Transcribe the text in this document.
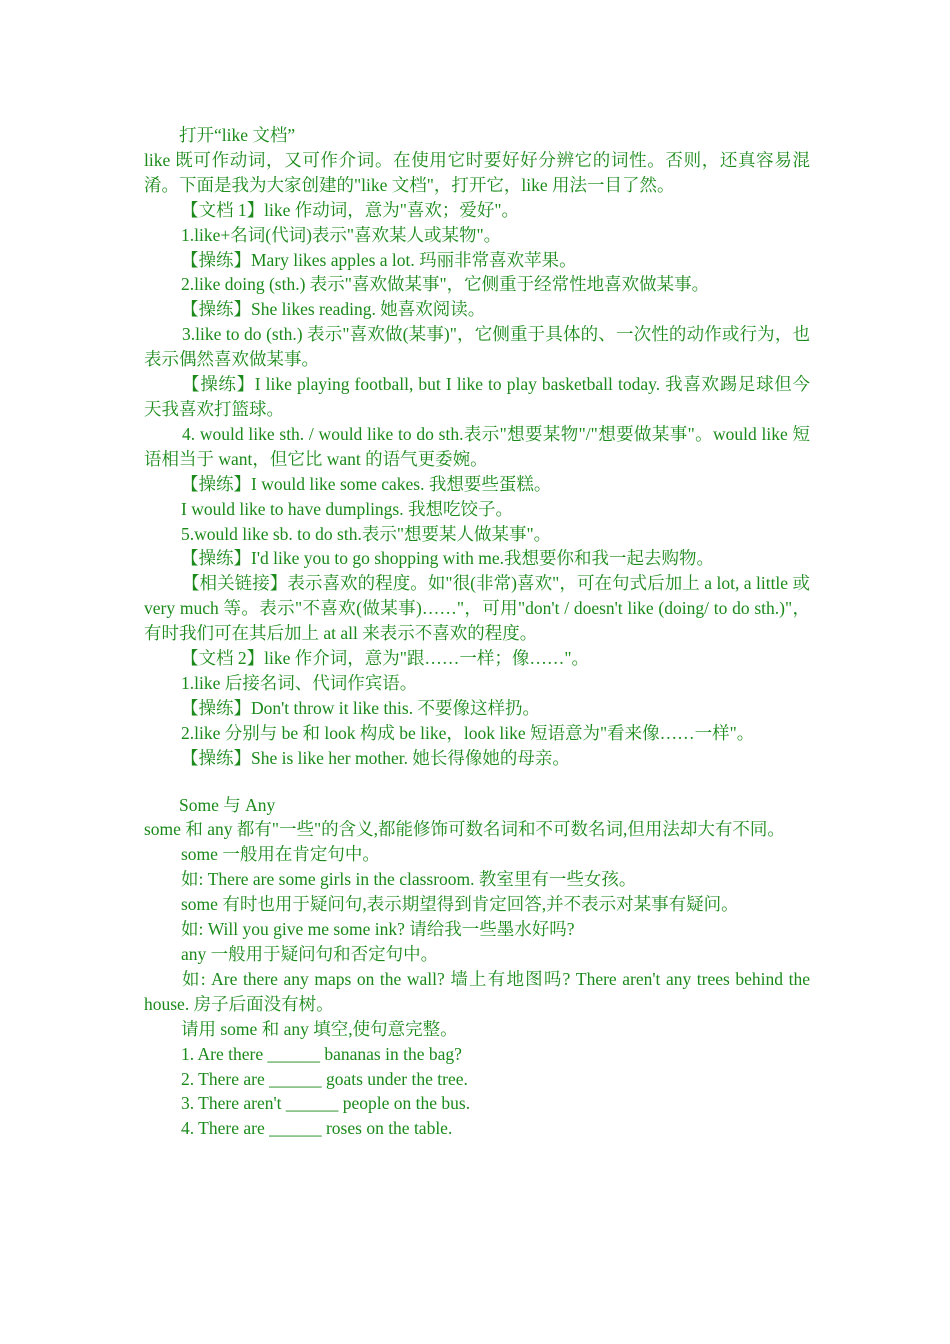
打开“like 文档”

like 既可作动词，又可作介词。在使用它时要好好分辨它的词性。否则，还真容易混淆。下面是我为大家创建的"like 文档"，打开它，like 用法一目了然。

【文档 1】like 作动词，意为"喜欢；爱好"。

1.like+名词(代词)表示"喜欢某人或某物"。

【操练】Mary likes apples a lot. 玛丽非常喜欢苹果。

2.like doing (sth.) 表示"喜欢做某事"，它侧重于经常性地喜欢做某事。

【操练】She likes reading. 她喜欢阅读。

3.like to do (sth.) 表示"喜欢做(某事)"，它侧重于具体的、一次性的动作或行为，也表示偶然喜欢做某事。

【操练】I like playing football, but I like to play basketball today. 我喜欢踢足球但今天我喜欢打篮球。

4. would like sth. / would like to do sth.表示"想要某物"/"想要做某事"。would like 短语相当于 want，但它比 want 的语气更委婉。

【操练】I would like some cakes. 我想要些蛋糕。

I would like to have dumplings. 我想吃饺子。

5.would like sb. to do sth.表示"想要某人做某事"。

【操练】I'd like you to go shopping with me.我想要你和我一起去购物。

【相关链接】表示喜欢的程度。如"很(非常)喜欢"，可在句式后加上 a lot, a little 或 very much 等。表示"不喜欢(做某事)……"，可用"don't / doesn't like (doing/ to do sth.)"，有时我们可在其后加上 at all 来表示不喜欢的程度。

【文档 2】like 作介词，意为"跟……一样；像……"。

1.like 后接名词、代词作宾语。

【操练】Don't throw it like this. 不要像这样扔。

2.like 分别与 be 和 look 构成 be like，look like 短语意为"看来像……一样"。

【操练】She is like her mother. 她长得像她的母亲。

Some 与 Any

some 和 any 都有"一些"的含义,都能修饰可数名词和不可数名词,但用法却大有不同。

some 一般用在肯定句中。

如: There are some girls in the classroom. 教室里有一些女孩。

some 有时也用于疑问句,表示期望得到肯定回答,并不表示对某事有疑问。

如: Will you give me some ink? 请给我一些墨水好吗?

any 一般用于疑问句和否定句中。

如: Are there any maps on the wall? 墙上有地图吗? There aren't any trees behind the house. 房子后面没有树。

请用 some 和 any 填空,使句意完整。

1. Are there ______ bananas in the bag?

2. There are ______ goats under the tree.

3. There aren't ______ people on the bus.

4. There are ______ roses on the table.
